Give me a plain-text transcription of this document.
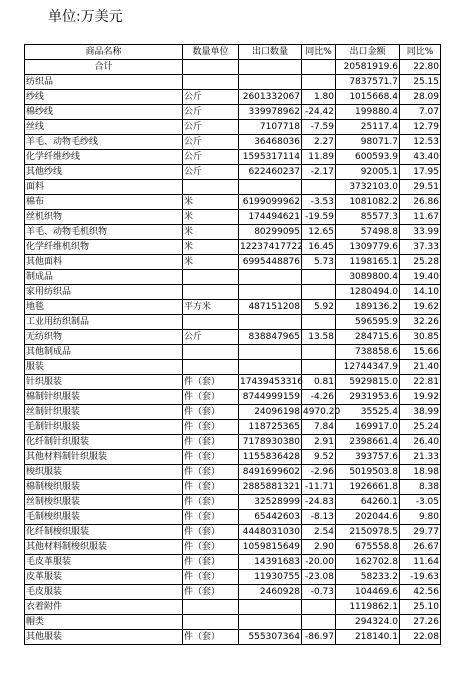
单位:万美元
商品名称	数量单位	出口数量	同比%	出口金额	同比%
合计				20581919.6	22.80
纺织品				7837571.7	25.15
纱线	公斤	2601332067	1.80	1015668.4	28.09
棉纱线	公斤	339978962	-24.42	199880.4	7.07
丝线	公斤	7107718	-7.59	25117.4	12.79
羊毛、动物毛纱线	公斤	36468036	2.27	98071.7	12.53
化学纤维纱线	公斤	1595317114	11.89	600593.9	43.40
其他纱线	公斤	622460237	-2.17	92005.1	17.95
面料				3732103.0	29.51
棉布	米	6199099962	-3.53	1081082.2	26.86
丝机织物	米	174494621	-19.59	85577.3	11.67
羊毛、动物毛机织物	米	80299095	12.65	57498.8	33.99
化学纤维机织物	米	12237417722	16.45	1309779.6	37.33
其他面料	米	6995448876	5.73	1198165.1	25.28
制成品				3089800.4	19.40
家用纺织品				1280494.0	14.10
地毯	平方米	487151208	5.92	189136.2	19.62
工业用纺织制品				596595.9	32.26
无纺织物	公斤	838847965	13.58	284715.6	30.85
其他制成品				738858.6	15.66
服装				12744347.9	21.40
针织服装	件（套）	17439453316	0.81	5929815.0	22.81
棉制针织服装	件（套）	8744999159	-4.26	2931953.6	19.92
丝制针织服装	件（套）	24096198	4970.20	35525.4	38.99
毛制针织服装	件（套）	118725365	7.84	169917.0	25.24
化纤制针织服装	件（套）	7178930380	2.91	2398661.4	26.40
其他材料制针织服装	件（套）	1155836428	9.52	393757.6	21.33
梭织服装	件（套）	8491699602	-2.96	5019503.8	18.98
棉制梭织服装	件（套）	2885881321	-11.71	1926661.8	8.38
丝制梭织服装	件（套）	32528999	-24.83	64260.1	-3.05
毛制梭织服装	件（套）	65442603	-8.13	202044.6	9.80
化纤制梭织服装	件（套）	4448031030	2.54	2150978.5	29.77
其他材料制梭织服装	件（套）	1059815649	2.90	675558.8	26.67
毛皮革服装	件（套）	14391683	-20.00	162702.8	11.64
皮革服装	件（套）	11930755	-23.08	58233.2	-19.63
毛皮服装	件（套）	2460928	-0.73	104469.6	42.56
衣着附件				1119862.1	25.10
帽类				294324.0	27.26
其他服装	件（套）	555307364	-86.97	218140.1	22.08
